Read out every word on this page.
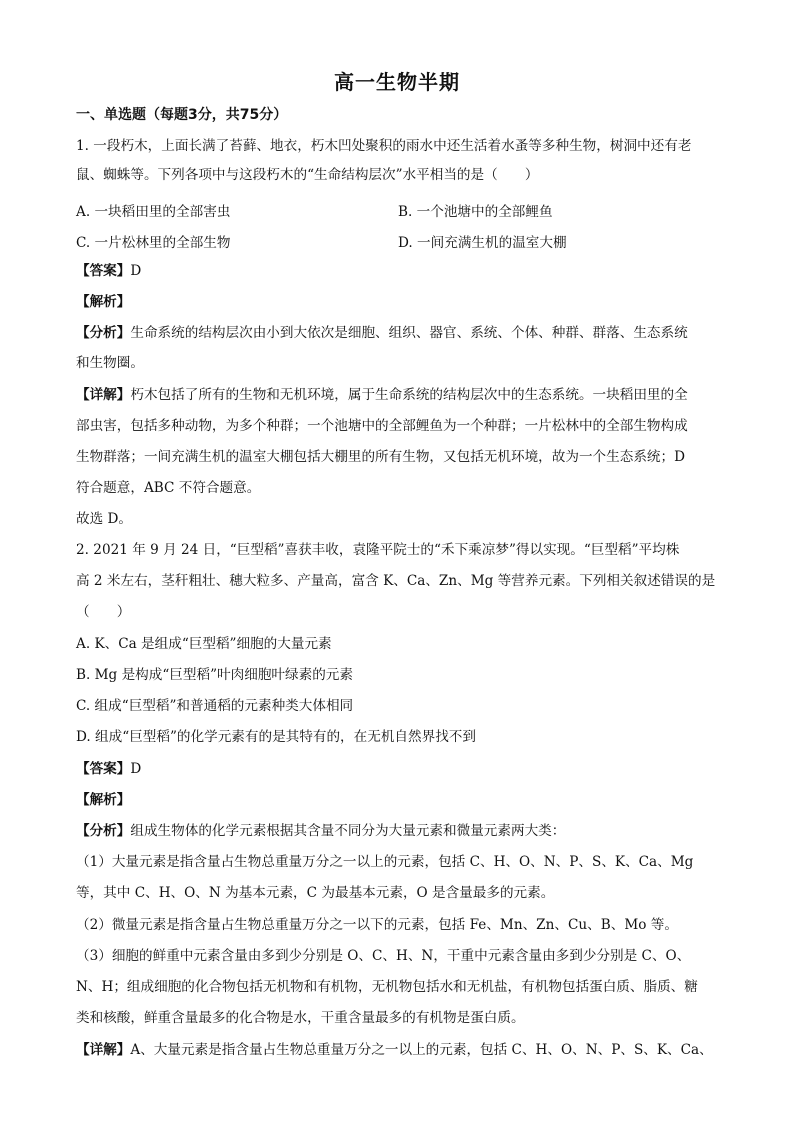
高一生物半期
一、单选题（每题3分，共75分）
1. 一段朽木，上面长满了苔藓、地衣，朽木凹处聚积的雨水中还生活着水蚤等多种生物，树洞中还有老
鼠、蜘蛛等。下列各项中与这段朽木的“生命结构层次”水平相当的是（　　）
A. 一块稻田里的全部害虫	B. 一个池塘中的全部鲤鱼
C. 一片松林里的全部生物	D. 一间充满生机的温室大棚
【答案】D
【解析】
【分析】生命系统的结构层次由小到大依次是细胞、组织、器官、系统、个体、种群、群落、生态系统
和生物圈。
【详解】朽木包括了所有的生物和无机环境，属于生命系统的结构层次中的生态系统。一块稻田里的全
部虫害，包括多种动物，为多个种群；一个池塘中的全部鲤鱼为一个种群；一片松林中的全部生物构成
生物群落；一间充满生机的温室大棚包括大棚里的所有生物，又包括无机环境，故为一个生态系统；D
符合题意，ABC 不符合题意。
故选 D。
2. 2021 年 9 月 24 日，“巨型稻”喜获丰收，袁隆平院士的“禾下乘凉梦”得以实现。“巨型稻”平均株
高 2 米左右，茎秆粗壮、穗大粒多、产量高，富含 K、Ca、Zn、Mg 等营养元素。下列相关叙述错误的是
（　　）
A. K、Ca 是组成“巨型稻”细胞的大量元素
B. Mg 是构成“巨型稻”叶肉细胞叶绿素的元素
C. 组成“巨型稻”和普通稻的元素种类大体相同
D. 组成“巨型稻”的化学元素有的是其特有的，在无机自然界找不到
【答案】D
【解析】
【分析】组成生物体的化学元素根据其含量不同分为大量元素和微量元素两大类：
（1）大量元素是指含量占生物总重量万分之一以上的元素，包括 C、H、O、N、P、S、K、Ca、Mg
等，其中 C、H、O、N 为基本元素，C 为最基本元素，O 是含量最多的元素。
（2）微量元素是指含量占生物总重量万分之一以下的元素，包括 Fe、Mn、Zn、Cu、B、Mo 等。
（3）细胞的鲜重中元素含量由多到少分别是 O、C、H、N，干重中元素含量由多到少分别是 C、O、
N、H；组成细胞的化合物包括无机物和有机物，无机物包括水和无机盐，有机物包括蛋白质、脂质、糖
类和核酸，鲜重含量最多的化合物是水，干重含量最多的有机物是蛋白质。
【详解】A、大量元素是指含量占生物总重量万分之一以上的元素，包括 C、H、O、N、P、S、K、Ca、
